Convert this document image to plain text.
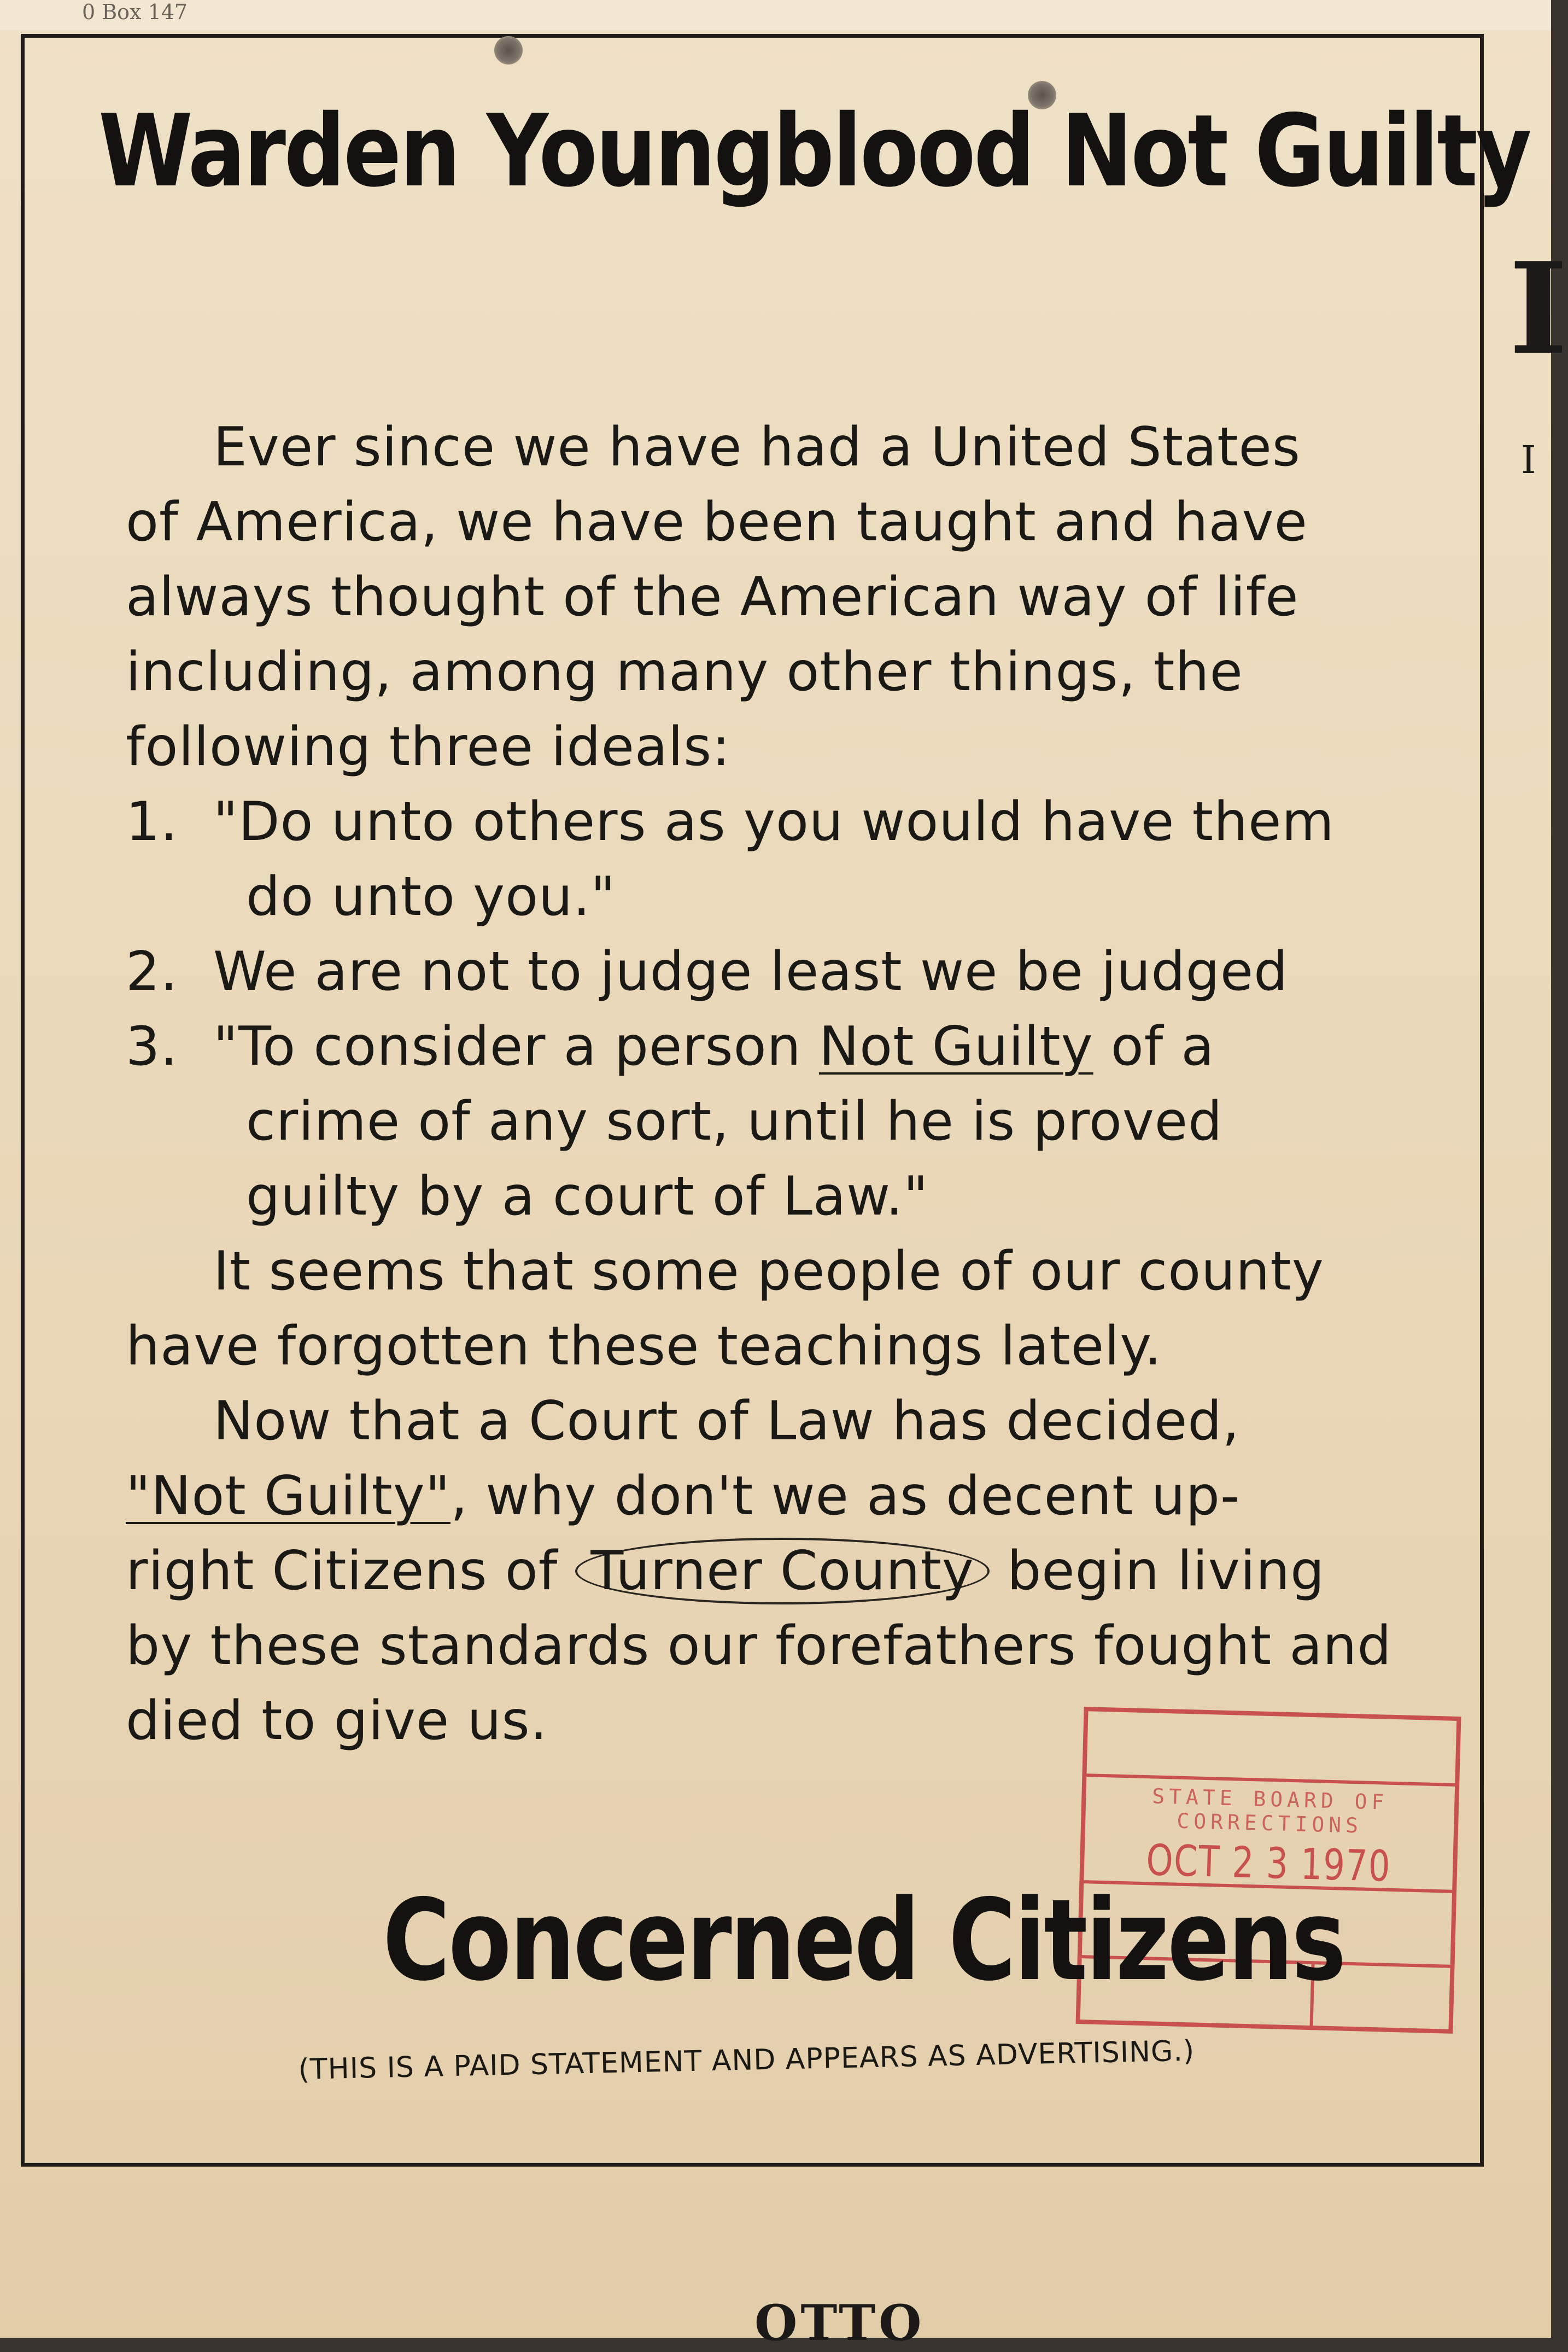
0 Box 147
I
I
OTTO
Warden Youngblood Not Guilty

Ever since we have had a United States

of America, we have been taught and have

always thought of the American way of life

including, among many other things, the

following three ideals:

1. "Do unto others as you would have them

do unto you."

2. We are not to judge least we be judged

3. "To consider a person Not Guilty of a

crime of any sort, until he is proved

guilty by a court of Law."

It seems that some people of our county

have forgotten these teachings lately.

Now that a Court of Law has decided,

"Not Guilty", why don't we as decent up-

right Citizens of Turner County begin living

by these standards our forefathers fought and

died to give us.

STATE BOARD OF
CORRECTIONS
OCT 2 3 1970
Concerned Citizens
(THIS IS A PAID STATEMENT AND APPEARS AS ADVERTISING.)
